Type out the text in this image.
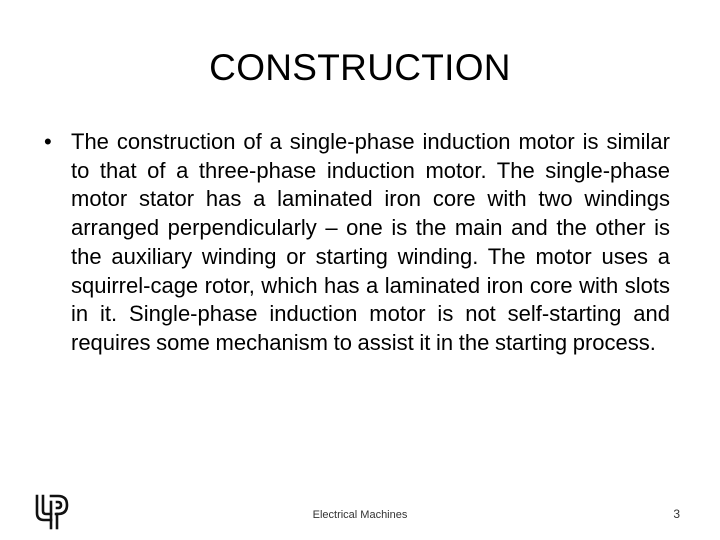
CONSTRUCTION
• The construction of a single-phase induction motor is similar to that of a three-phase induction motor. The single-phase motor stator has a laminated iron core with two windings arranged perpendicularly – one is the main and the other is the auxiliary winding or starting winding. The motor uses a squirrel-cage rotor, which has a laminated iron core with slots in it. Single-phase induction motor is not self-starting and requires some mechanism to assist it in the starting process.

Electrical Machines	3
